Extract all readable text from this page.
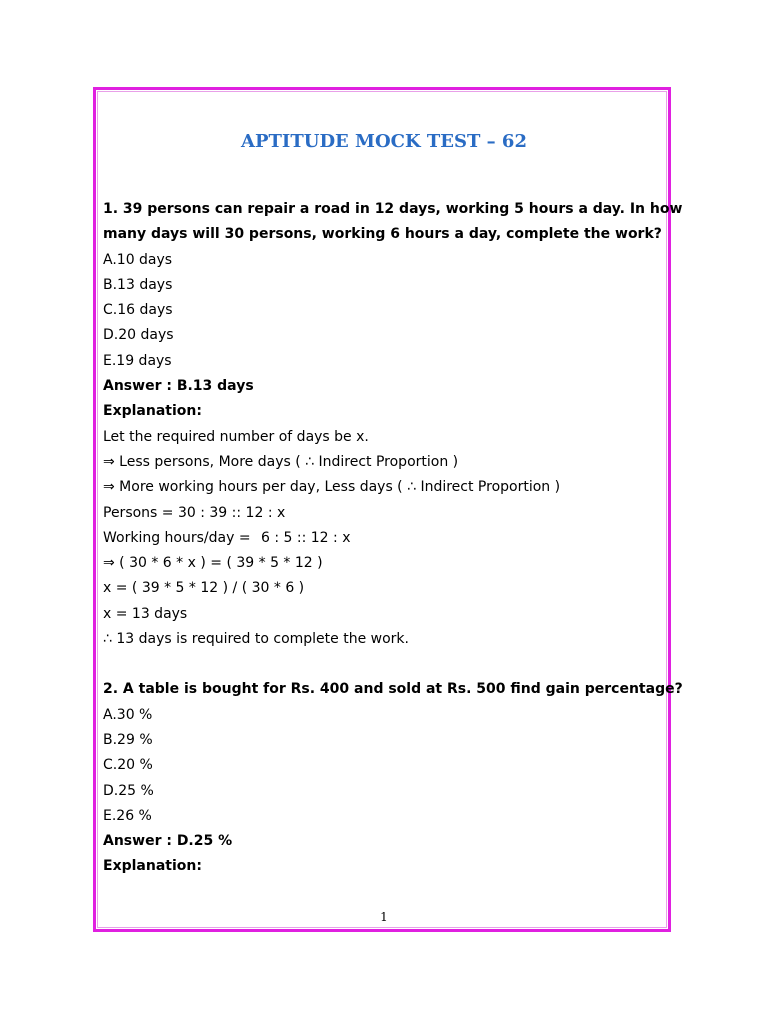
APTITUDE MOCK TEST – 62
1. 39 persons can repair a road in 12 days, working 5 hours a day. In how
many days will 30 persons, working 6 hours a day, complete the work?
A.10 days
B.13 days
C.16 days
D.20 days
E.19 days
Answer : B.13 days
Explanation:
Let the required number of days be x.
⇒ Less persons, More days ( ∴ Indirect Proportion )
⇒ More working hours per day, Less days ( ∴ Indirect Proportion )
Persons = 30 : 39 :: 12 : x
Working hours/day = 6 : 5 :: 12 : x
⇒ ( 30 * 6 * x ) = ( 39 * 5 * 12 )
x = ( 39 * 5 * 12 ) / ( 30 * 6 )
x = 13 days
∴ 13 days is required to complete the work.
2. A table is bought for Rs. 400 and sold at Rs. 500 find gain percentage?
A.30 %
B.29 %
C.20 %
D.25 %
E.26 %
Answer : D.25 %
Explanation:
1
